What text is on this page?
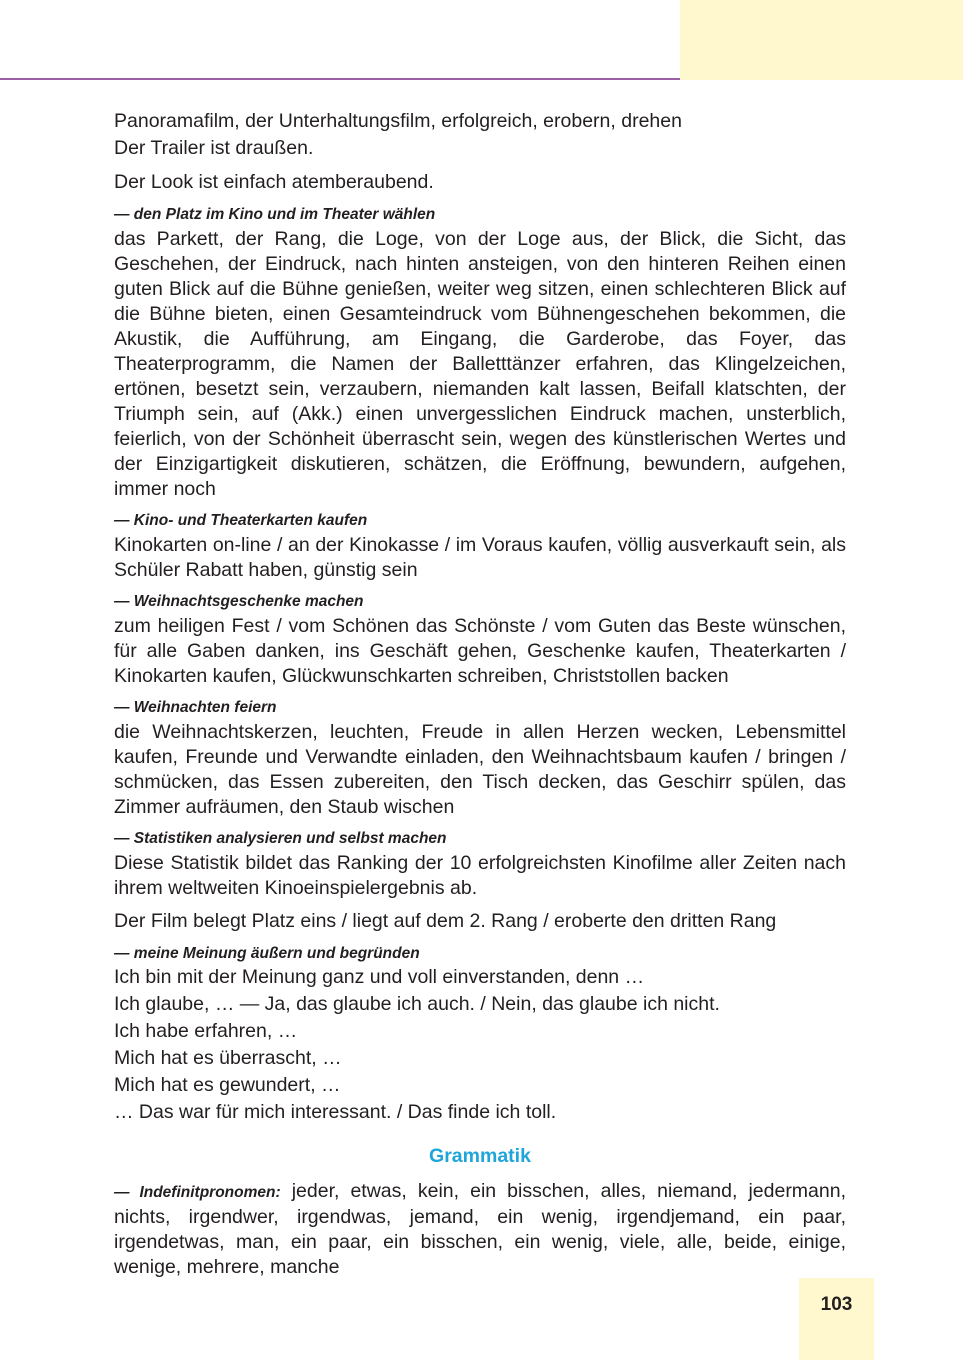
Panoramafilm, der Unterhaltungsfilm, erfolgreich, erobern, drehen

Der Trailer ist draußen.

Der Look ist einfach atemberaubend.

— den Platz im Kino und im Theater wählen

das Parkett, der Rang, die Loge, von der Loge aus, der Blick, die Sicht, das Geschehen, der Eindruck, nach hinten ansteigen, von den hinteren Reihen einen guten Blick auf die Bühne genießen, weiter weg sitzen, einen schlechteren Blick auf die Bühne bieten, einen Gesamteindruck vom Bühnengeschehen bekommen, die Akustik, die Aufführung, am Eingang, die Garderobe, das Foyer, das Theaterprogramm, die Namen der Balletttänzer erfahren, das Klingelzeichen, ertönen, besetzt sein, verzaubern, niemanden kalt lassen, Beifall klatschten, der Triumph sein, auf (Akk.) einen unvergesslichen Eindruck machen, unsterblich, feierlich, von der Schönheit überrascht sein, wegen des künstlerischen Wertes und der Einzigartigkeit diskutieren, schätzen, die Eröffnung, bewundern, aufgehen, immer noch

— Kino- und Theaterkarten kaufen

Kinokarten on-line / an der Kinokasse / im Voraus kaufen, völlig ausverkauft sein, als Schüler Rabatt haben, günstig sein

— Weihnachtsgeschenke machen

zum heiligen Fest / vom Schönen das Schönste / vom Guten das Beste wünschen, für alle Gaben danken, ins Geschäft gehen, Geschenke kaufen, Theaterkarten / Kinokarten kaufen, Glückwunschkarten schreiben, Christstollen backen

— Weihnachten feiern

die Weihnachtskerzen, leuchten, Freude in allen Herzen wecken, Lebensmittel kaufen, Freunde und Verwandte einladen, den Weihnachtsbaum kaufen / bringen / schmücken, das Essen zubereiten, den Tisch decken, das Geschirr spülen, das Zimmer aufräumen, den Staub wischen

— Statistiken analysieren und selbst machen

Diese Statistik bildet das Ranking der 10 erfolgreichsten Kinofilme aller Zeiten nach ihrem weltweiten Kinoeinspielergebnis ab.

Der Film belegt Platz eins / liegt auf dem 2. Rang / eroberte den dritten Rang

— meine Meinung äußern und begründen

Ich bin mit der Meinung ganz und voll einverstanden, denn …

Ich glaube, … — Ja, das glaube ich auch. / Nein, das glaube ich nicht.

Ich habe erfahren, …

Mich hat es überrascht, …

Mich hat es gewundert, …

… Das war für mich interessant. / Das finde ich toll.

Grammatik

— Indefinitpronomen: jeder, etwas, kein, ein bisschen, alles, niemand, jedermann, nichts, irgendwer, irgendwas, jemand, ein wenig, irgendjemand, ein paar, irgendetwas, man, ein paar, ein bisschen, ein wenig, viele, alle, beide, einige, wenige, mehrere, manche

103
